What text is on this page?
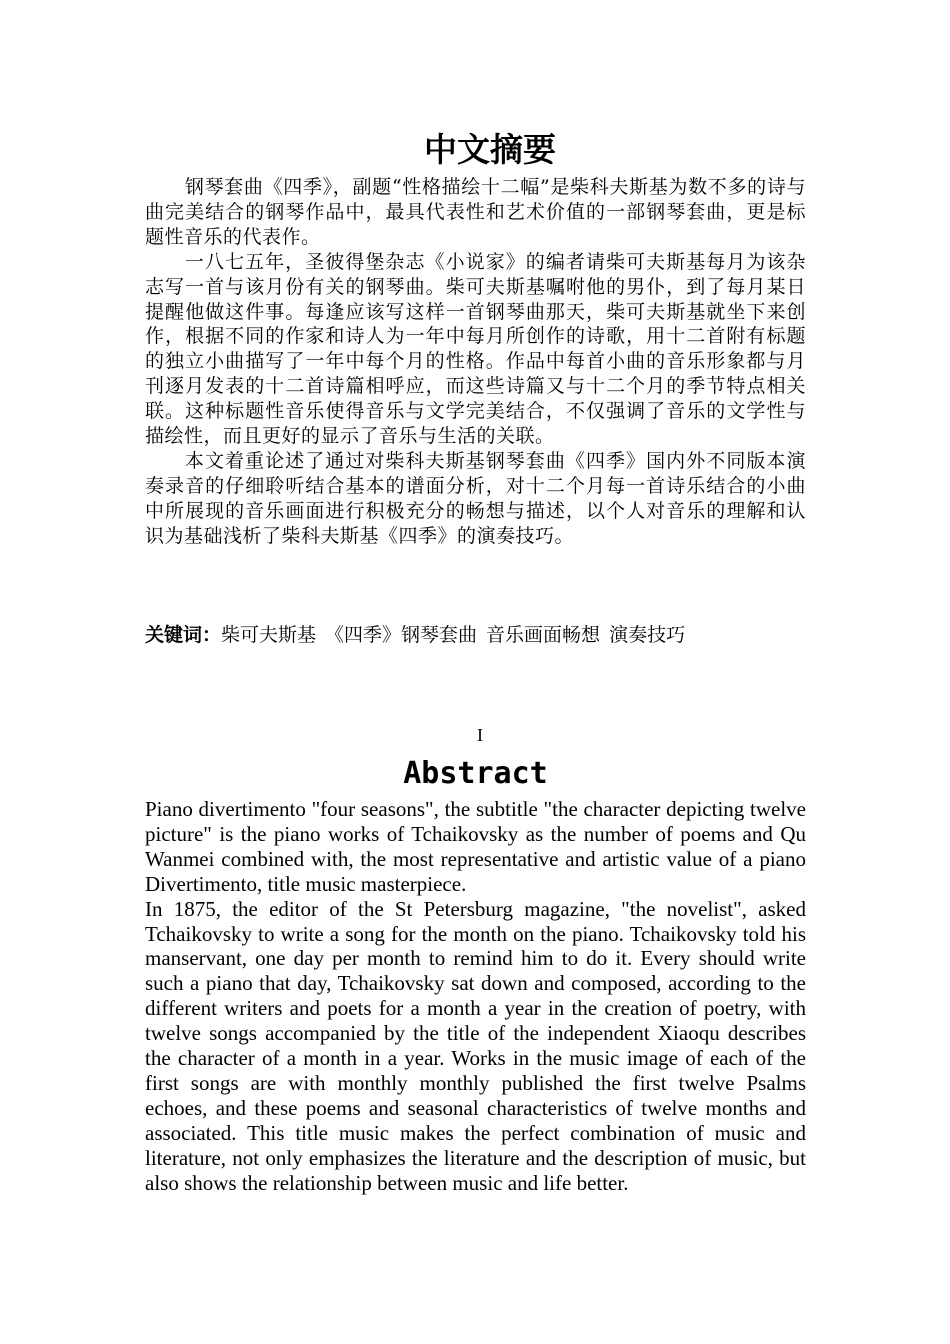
中文摘要

钢琴套曲《四季》，副题“性格描绘十二幅”是柴科夫斯基为数不多的诗与曲完美结合的钢琴作品中，最具代表性和艺术价值的一部钢琴套曲，更是标题性音乐的代表作。

一八七五年，圣彼得堡杂志《小说家》的编者请柴可夫斯基每月为该杂志写一首与该月份有关的钢琴曲。柴可夫斯基嘱咐他的男仆，到了每月某日提醒他做这件事。每逢应该写这样一首钢琴曲那天，柴可夫斯基就坐下来创作，根据不同的作家和诗人为一年中每月所创作的诗歌，用十二首附有标题的独立小曲描写了一年中每个月的性格。作品中每首小曲的音乐形象都与月刊逐月发表的十二首诗篇相呼应，而这些诗篇又与十二个月的季节特点相关联。这种标题性音乐使得音乐与文学完美结合，不仅强调了音乐的文学性与描绘性，而且更好的显示了音乐与生活的关联。

本文着重论述了通过对柴科夫斯基钢琴套曲《四季》国内外不同版本演奏录音的仔细聆听结合基本的谱面分析，对十二个月每一首诗乐结合的小曲中所展现的音乐画面进行积极充分的畅想与描述，以个人对音乐的理解和认识为基础浅析了柴科夫斯基《四季》的演奏技巧。

关键词：柴可夫斯基 《四季》钢琴套曲 音乐画面畅想 演奏技巧
I
Abstract

Piano divertimento "four seasons", the subtitle "the character depicting twelve picture" is the piano works of Tchaikovsky as the number of poems and Qu Wanmei combined with, the most representative and artistic value of a piano Divertimento, title music masterpiece.

In 1875, the editor of the St Petersburg magazine, "the novelist", asked Tchaikovsky to write a song for the month on the piano. Tchaikovsky told his manservant, one day per month to remind him to do it. Every should write such a piano that day, Tchaikovsky sat down and composed, according to the different writers and poets for a month a year in the creation of poetry, with twelve songs accompanied by the title of the independent Xiaoqu describes the character of a month in a year. Works in the music image of each of the first songs are with monthly monthly published the first twelve Psalms echoes, and these poems and seasonal characteristics of twelve months and associated. This title music makes the perfect combination of music and literature, not only emphasizes the literature and the description of music, but also shows the relationship between music and life better.
